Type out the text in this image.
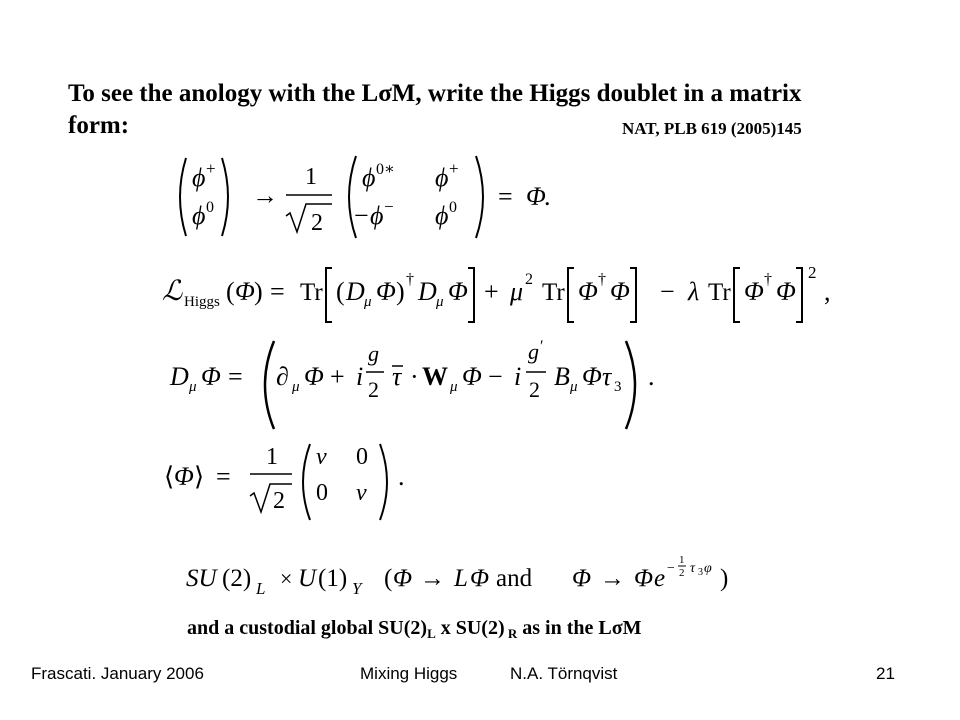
To see the anology with the LσM, write the Higgs doublet in a matrix
form:	NAT, PLB 619 (2005)145
ϕ +
ϕ 0 →
1
2
ϕ 0∗ ϕ +
− ϕ − ϕ 0 = Φ
.
ℒ Higgs ( Φ ) = Tr ( D μ Φ ) † D μ Φ + μ 2 Tr Φ † Φ − λ Tr Φ † Φ
2
,
D μ Φ = ∂ μ Φ + i
g
2 τ · W μ Φ − i
g ′
2 B μ Φ τ 3 .
⟨ Φ ⟩ =
1
2
v 0
0 v
.
SU (2) L × U (1) Y ( Φ → L Φ and Φ → Φ e −
1
2 τ 3 φ )
and a custodial global $SU(2)_L$ x SU(2) $_R$ as in the LσM
Frascati. January 2006	Mixing Higgs	N.A. Törnqvist	21
